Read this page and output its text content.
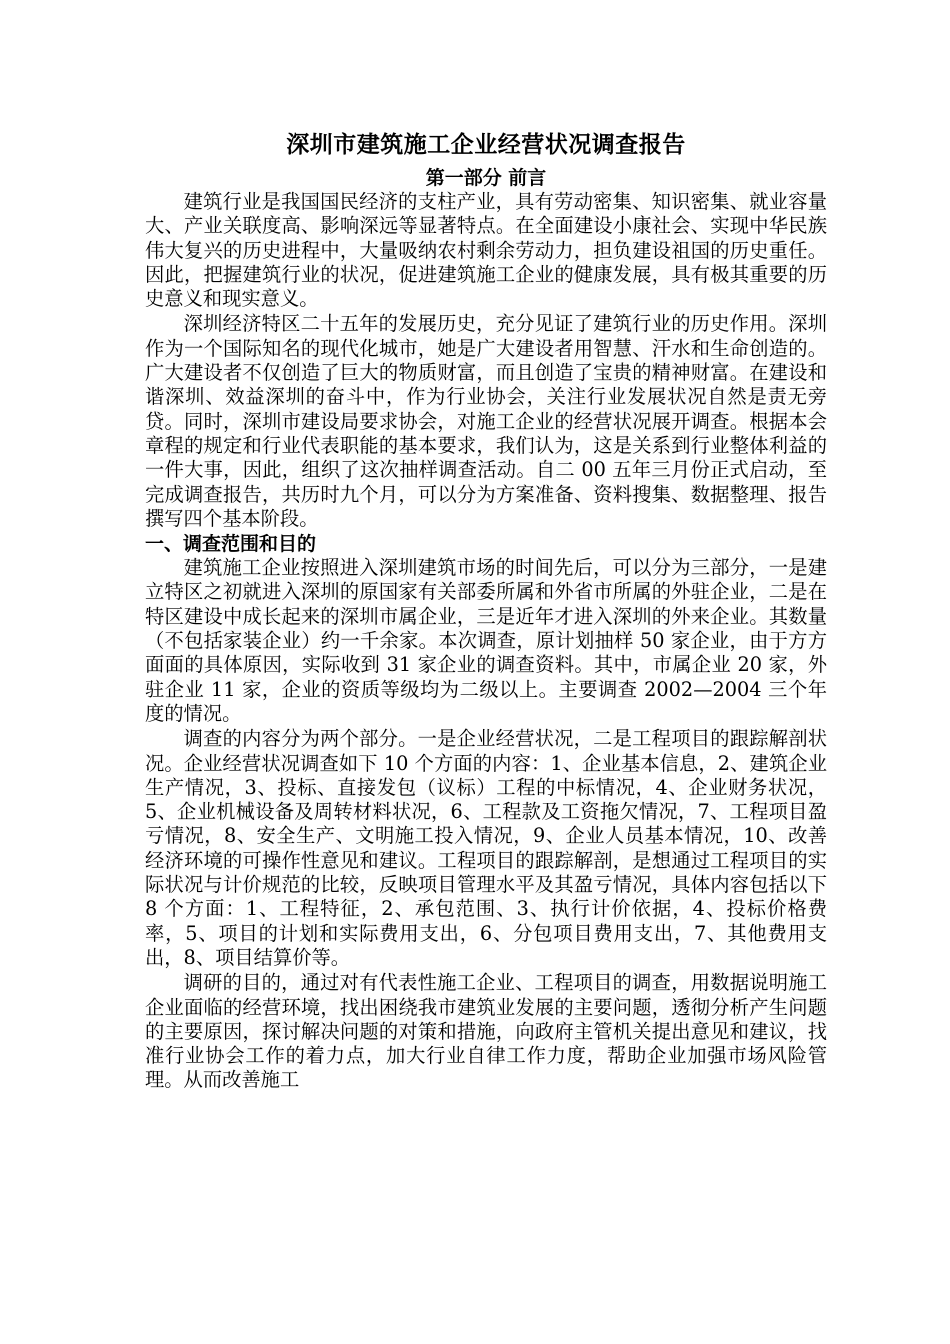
深圳市建筑施工企业经营状况调查报告
第一部分 前言

建筑行业是我国国民经济的支柱产业，具有劳动密集、知识密集、就业容量大、产业关联度高、影响深远等显著特点。在全面建设小康社会、实现中华民族伟大复兴的历史进程中，大量吸纳农村剩余劳动力，担负建设祖国的历史重任。因此，把握建筑行业的状况，促进建筑施工企业的健康发展，具有极其重要的历史意义和现实意义。

深圳经济特区二十五年的发展历史，充分见证了建筑行业的历史作用。深圳作为一个国际知名的现代化城市，她是广大建设者用智慧、汗水和生命创造的。广大建设者不仅创造了巨大的物质财富，而且创造了宝贵的精神财富。在建设和谐深圳、效益深圳的奋斗中，作为行业协会，关注行业发展状况自然是责无旁贷。同时，深圳市建设局要求协会，对施工企业的经营状况展开调查。根据本会章程的规定和行业代表职能的基本要求，我们认为，这是关系到行业整体利益的一件大事，因此，组织了这次抽样调查活动。自二 00 五年三月份正式启动，至完成调查报告，共历时九个月，可以分为方案准备、资料搜集、数据整理、报告撰写四个基本阶段。

一、调查范围和目的

建筑施工企业按照进入深圳建筑市场的时间先后，可以分为三部分，一是建立特区之初就进入深圳的原国家有关部委所属和外省市所属的外驻企业，二是在特区建设中成长起来的深圳市属企业，三是近年才进入深圳的外来企业。其数量（不包括家装企业）约一千余家。本次调查，原计划抽样 50 家企业，由于方方面面的具体原因，实际收到 31 家企业的调查资料。其中，市属企业 20 家，外驻企业 11 家，企业的资质等级均为二级以上。主要调查 2002—2004 三个年度的情况。

调查的内容分为两个部分。一是企业经营状况，二是工程项目的跟踪解剖状况。企业经营状况调查如下 10 个方面的内容：1、企业基本信息，2、建筑企业生产情况，3、投标、直接发包（议标）工程的中标情况，4、企业财务状况，5、企业机械设备及周转材料状况，6、工程款及工资拖欠情况，7、工程项目盈亏情况，8、安全生产、文明施工投入情况，9、企业人员基本情况，10、改善经济环境的可操作性意见和建议。工程项目的跟踪解剖，是想通过工程项目的实际状况与计价规范的比较，反映项目管理水平及其盈亏情况，具体内容包括以下 8 个方面：1、工程特征，2、承包范围、3、执行计价依据，4、投标价格费率，5、项目的计划和实际费用支出，6、分包项目费用支出，7、其他费用支出，8、项目结算价等。

调研的目的，通过对有代表性施工企业、工程项目的调查，用数据说明施工企业面临的经营环境，找出困绕我市建筑业发展的主要问题，透彻分析产生问题的主要原因，探讨解决问题的对策和措施，向政府主管机关提出意见和建议，找准行业协会工作的着力点，加大行业自律工作力度，帮助企业加强市场风险管理。从而改善施工
